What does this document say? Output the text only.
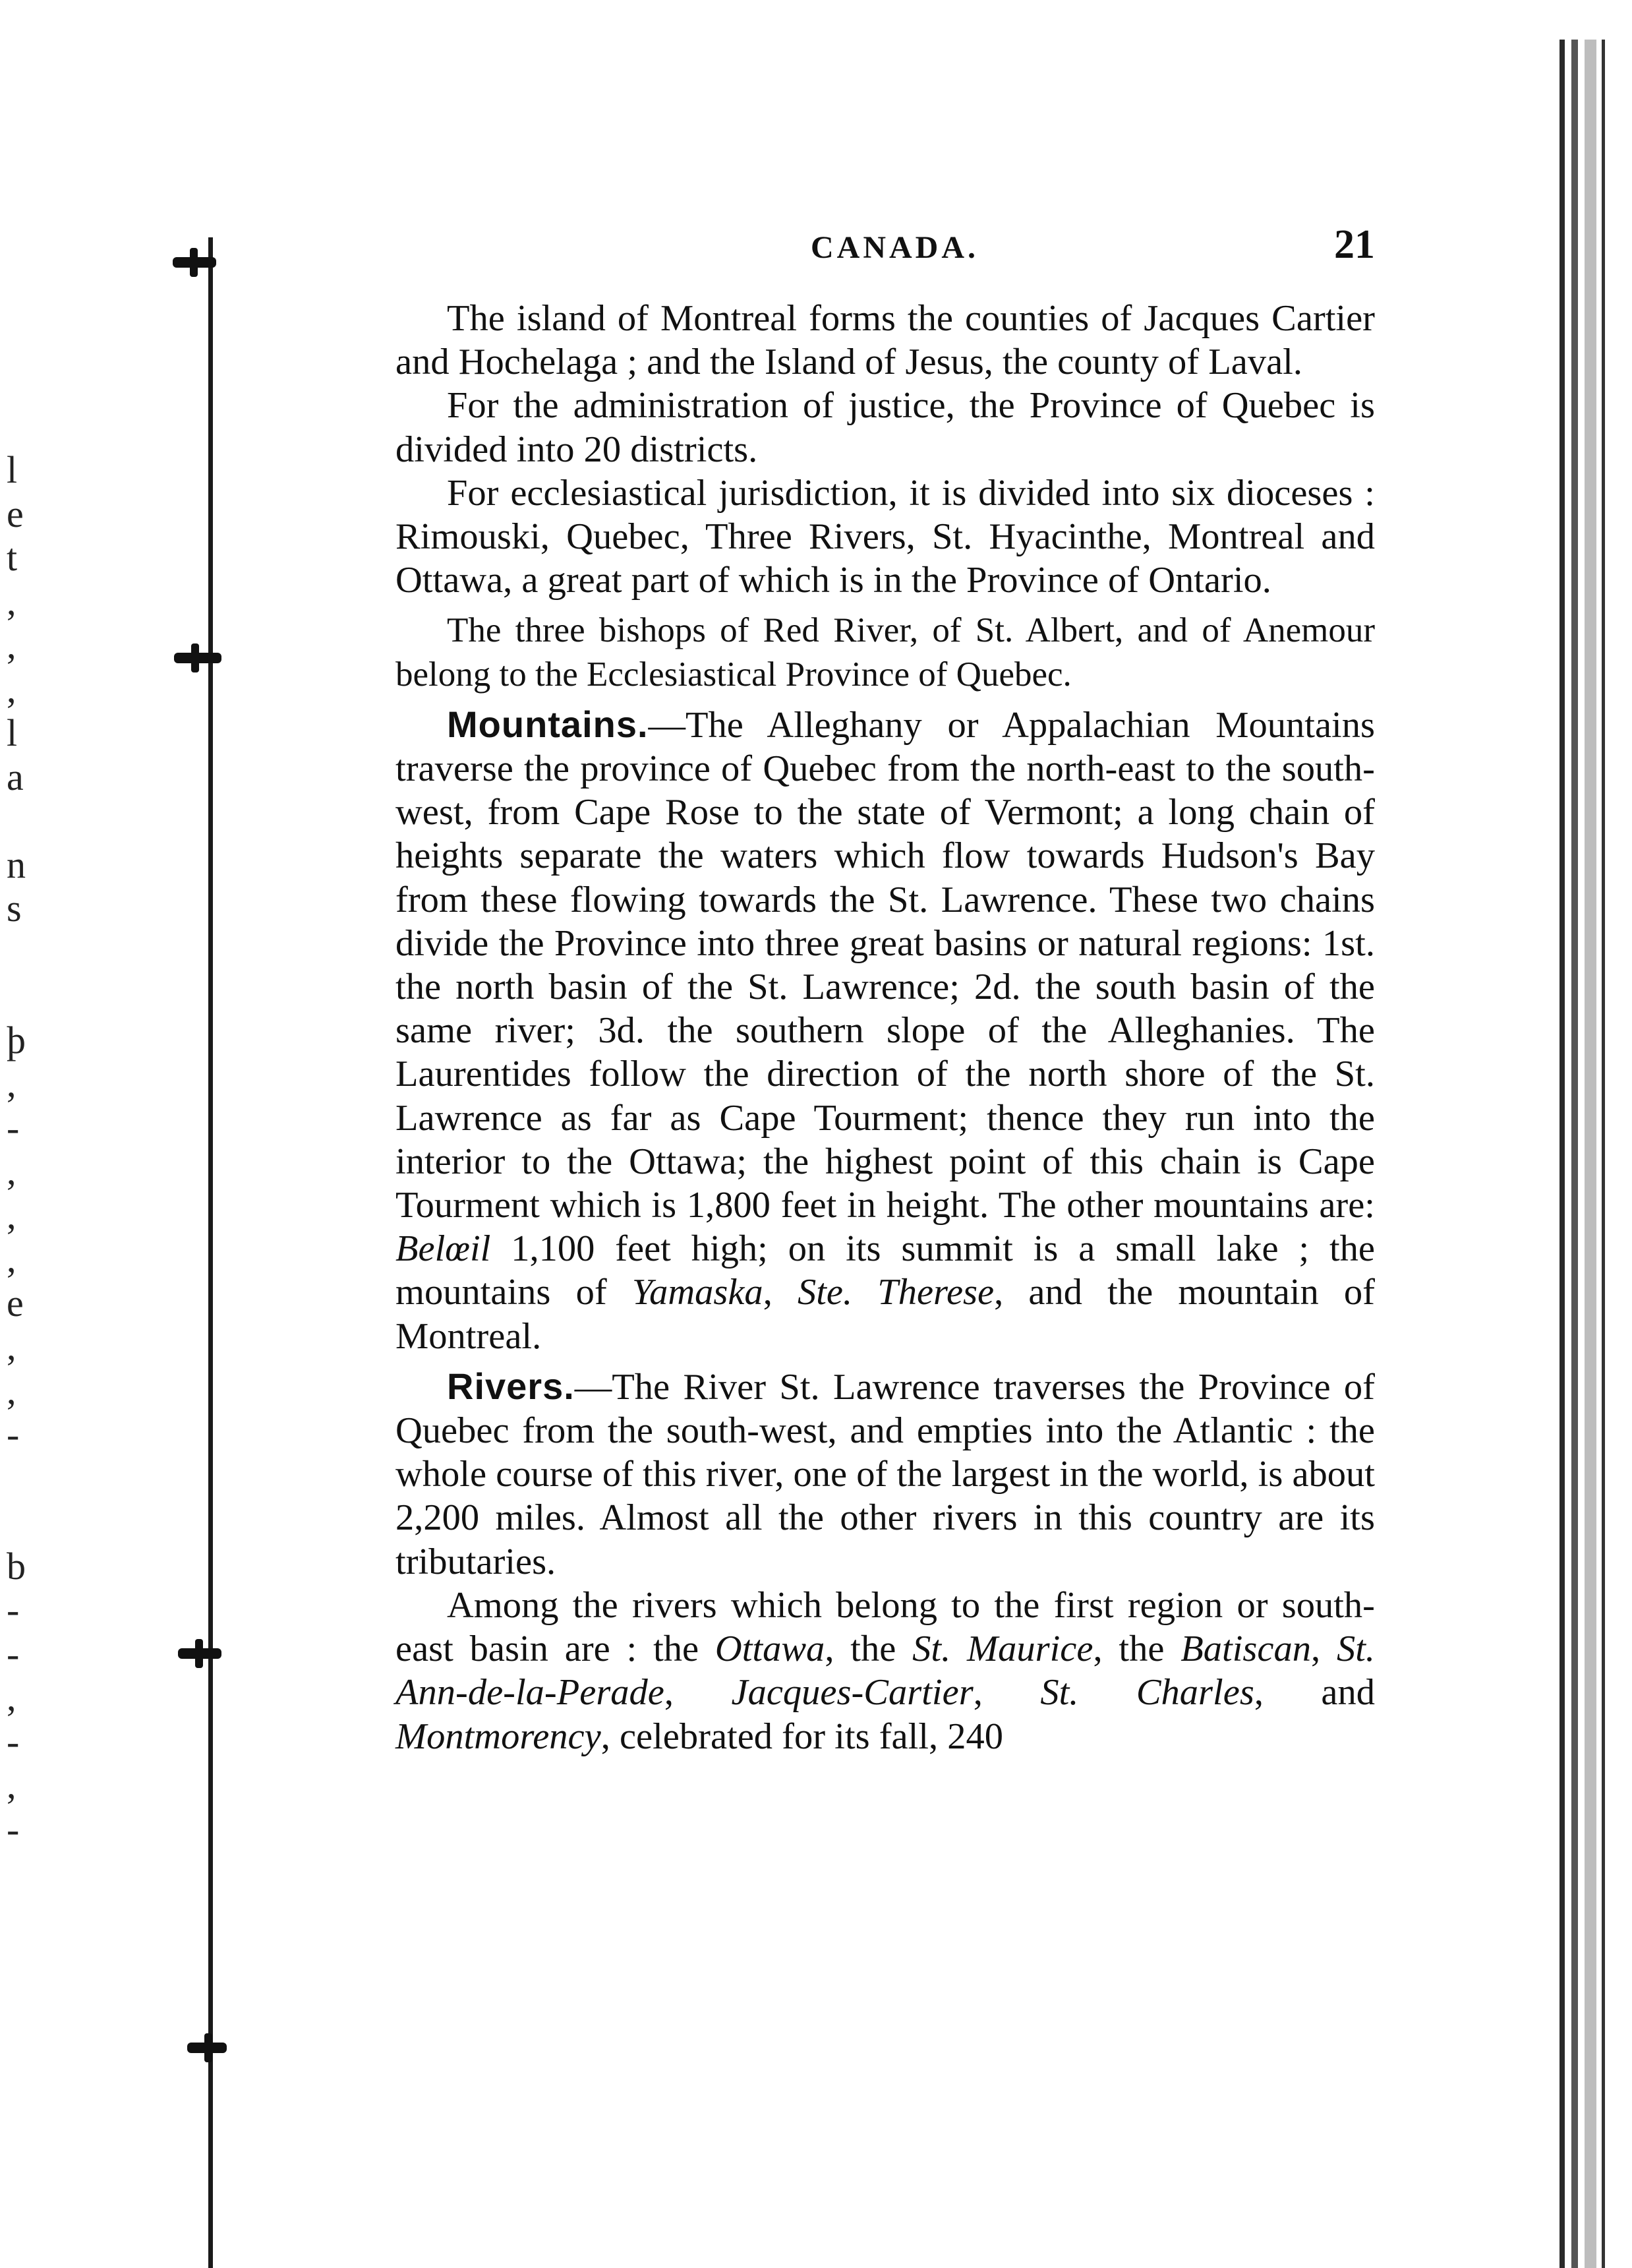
l
e
t
,
,
,
l
a

n
s

þ
,
-
,
,
,
e
,
,
-

b
-
-
,
-
,
-
CANADA.	21

The island of Montreal forms the counties of Jacques Cartier and Hochelaga ; and the Island of Jesus, the county of Laval.

For the administration of justice, the Province of Quebec is divided into 20 districts.

For ecclesiastical jurisdiction, it is divided into six dioceses : Rimouski, Quebec, Three Rivers, St. Hyacinthe, Montreal and Ottawa, a great part of which is in the Province of Ontario.

The three bishops of Red River, of St. Albert, and of Anemour belong to the Ecclesiastical Province of Quebec.

Mountains.—The Alleghany or Appalachian Mountains traverse the province of Quebec from the north-east to the south-west, from Cape Rose to the state of Vermont; a long chain of heights separate the waters which flow towards Hudson's Bay from these flowing towards the St. Lawrence. These two chains divide the Province into three great basins or natural regions: 1st. the north basin of the St. Lawrence; 2d. the south basin of the same river; 3d. the southern slope of the Alleghanies. The Laurentides follow the direction of the north shore of the St. Lawrence as far as Cape Tourment; thence they run into the interior to the Ottawa; the highest point of this chain is Cape Tourment which is 1,800 feet in height. The other mountains are: Belœil 1,100 feet high; on its summit is a small lake ; the mountains of Yamaska, Ste. Therese, and the mountain of Montreal.

Rivers.—The River St. Lawrence traverses the Province of Quebec from the south-west, and empties into the Atlantic : the whole course of this river, one of the largest in the world, is about 2,200 miles. Almost all the other rivers in this country are its tributaries.

Among the rivers which belong to the first region or south-east basin are : the Ottawa, the St. Maurice, the Batiscan, St. Ann-de-la-Perade, Jacques-Cartier, St. Charles, and Montmorency, celebrated for its fall, 240
